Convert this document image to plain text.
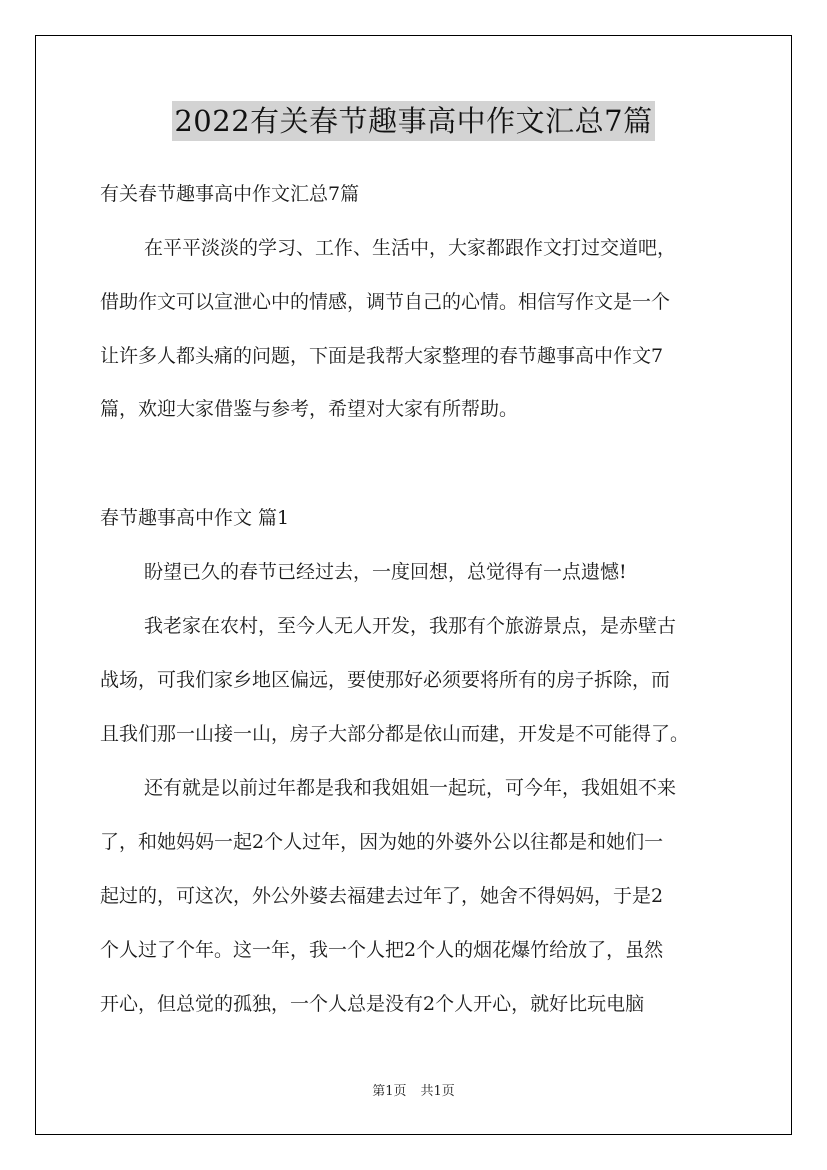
2022有关春节趣事高中作文汇总7篇
有关春节趣事高中作文汇总7篇
在平平淡淡的学习、工作、生活中，大家都跟作文打过交道吧，
借助作文可以宣泄心中的情感，调节自己的心情。相信写作文是一个
让许多人都头痛的问题，下面是我帮大家整理的春节趣事高中作文7
篇，欢迎大家借鉴与参考，希望对大家有所帮助。
春节趣事高中作文 篇1
盼望已久的春节已经过去，一度回想，总觉得有一点遗憾!
我老家在农村，至今人无人开发，我那有个旅游景点，是赤壁古
战场，可我们家乡地区偏远，要使那好必须要将所有的房子拆除，而
且我们那一山接一山，房子大部分都是依山而建，开发是不可能得了。
还有就是以前过年都是我和我姐姐一起玩，可今年，我姐姐不来
了，和她妈妈一起2个人过年，因为她的外婆外公以往都是和她们一
起过的，可这次，外公外婆去福建去过年了，她舍不得妈妈，于是2
个人过了个年。这一年，我一个人把2个人的烟花爆竹给放了，虽然
开心，但总觉的孤独，一个人总是没有2个人开心，就好比玩电脑
第1页 共1页
